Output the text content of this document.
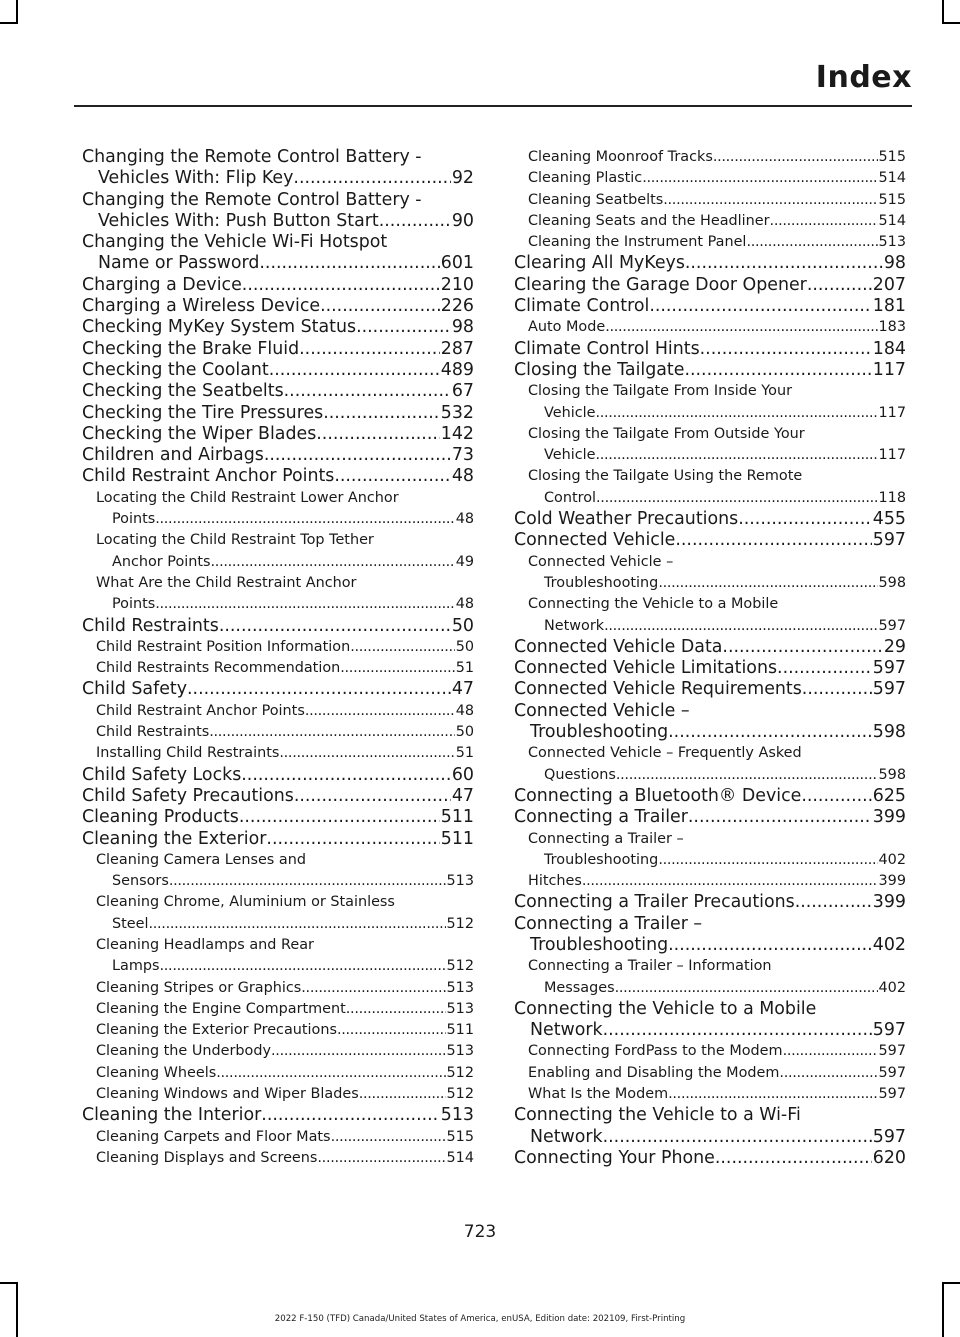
Index
Changing the Remote Control Battery -
Vehicles With: Flip Key .....	92
Changing the Remote Control Battery -
Vehicles With: Push Button Start .....	90
Changing the Vehicle Wi-Fi Hotspot
Name or Password .....	601
Charging a Device .....	210
Charging a Wireless Device .....	226
Checking MyKey System Status .....	98
Checking the Brake Fluid .....	287
Checking the Coolant .....	489
Checking the Seatbelts .....	67
Checking the Tire Pressures .....	532
Checking the Wiper Blades .....	142
Children and Airbags .....	73
Child Restraint Anchor Points .....	48
Locating the Child Restraint Lower Anchor
Points .....	48
Locating the Child Restraint Top Tether
Anchor Points .....	49
What Are the Child Restraint Anchor
Points .....	48
Child Restraints .....	50
Child Restraint Position Information .....	50
Child Restraints Recommendation .....	51
Child Safety .....	47
Child Restraint Anchor Points .....	48
Child Restraints .....	50
Installing Child Restraints .....	51
Child Safety Locks .....	60
Child Safety Precautions .....	47
Cleaning Products .....	511
Cleaning the Exterior .....	511
Cleaning Camera Lenses and
Sensors .....	513
Cleaning Chrome, Aluminium or Stainless
Steel .....	512
Cleaning Headlamps and Rear
Lamps .....	512
Cleaning Stripes or Graphics .....	513
Cleaning the Engine Compartment .....	513
Cleaning the Exterior Precautions .....	511
Cleaning the Underbody .....	513
Cleaning Wheels .....	512
Cleaning Windows and Wiper Blades .....	512
Cleaning the Interior .....	513
Cleaning Carpets and Floor Mats .....	515
Cleaning Displays and Screens .....	514
Cleaning Moonroof Tracks .....	515
Cleaning Plastic .....	514
Cleaning Seatbelts .....	515
Cleaning Seats and the Headliner .....	514
Cleaning the Instrument Panel .....	513
Clearing All MyKeys .....	98
Clearing the Garage Door Opener .....	207
Climate Control .....	181
Auto Mode .....	183
Climate Control Hints .....	184
Closing the Tailgate .....	117
Closing the Tailgate From Inside Your
Vehicle .....	117
Closing the Tailgate From Outside Your
Vehicle .....	117
Closing the Tailgate Using the Remote
Control .....	118
Cold Weather Precautions .....	455
Connected Vehicle .....	597
Connected Vehicle –
Troubleshooting .....	598
Connecting the Vehicle to a Mobile
Network .....	597
Connected Vehicle Data .....	29
Connected Vehicle Limitations .....	597
Connected Vehicle Requirements .....	597
Connected Vehicle –
Troubleshooting .....	598
Connected Vehicle – Frequently Asked
Questions .....	598
Connecting a Bluetooth® Device .....	625
Connecting a Trailer .....	399
Connecting a Trailer –
Troubleshooting .....	402
Hitches .....	399
Connecting a Trailer Precautions .....	399
Connecting a Trailer –
Troubleshooting .....	402
Connecting a Trailer – Information
Messages .....	402
Connecting the Vehicle to a Mobile
Network .....	597
Connecting FordPass to the Modem .....	597
Enabling and Disabling the Modem .....	597
What Is the Modem .....	597
Connecting the Vehicle to a Wi-Fi
Network .....	597
Connecting Your Phone .....	620
723
2022 F-150 (TFD) Canada/United States of America, enUSA, Edition date: 202109, First-Printing
